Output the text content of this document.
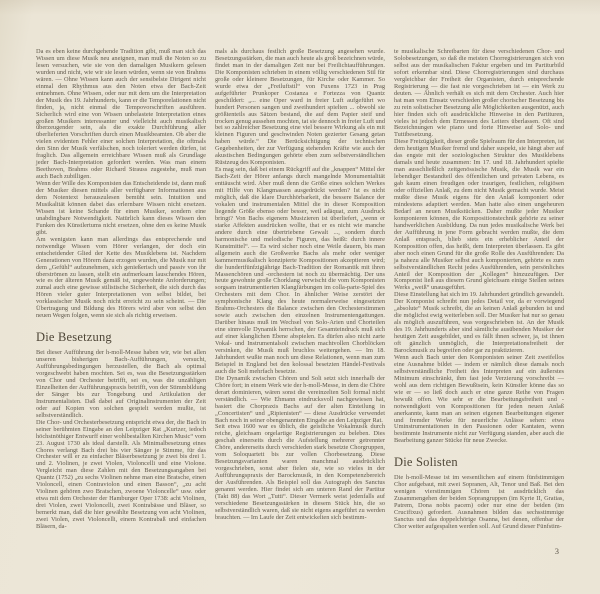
Da es eben keine durchgehende Tradition gibt, muß man sich das Wissen um diese Musik neu aneignen, man muß die Noten so zu lesen versuchen, wie sie von den damaligen Musikern gelesen wurden und nicht, wie wir sie lesen würden, wenn sie von Brahms wären. — Ohne Wissen kann auch der sensibelste Dirigent nicht einmal den Rhythmus aus den Noten etwa der Bach-Zeit entnehmen. Ohne Wissen, oder nur mit dem um die Interpretation der Musik des 19. Jahrhunderts, kann er die Temporelationen nicht finden, ja, nicht einmal die Tempovorschriften ausführen. Sicherlich wird eine von Wissen unbelastete Interpretation eines großen Musikers interessanter und vielleicht auch musikalisch überzeugender sein, als die exakte Durchführung aller überlieferten Vorschriften durch einen Musikbeamten. Ob aber die vielen evidenten Fehler einer solchen Interpretation, die oftmals den Sinn der Musik verfälschen, noch toleriert werden dürfen, ist fraglich. Das allgemein erreichbare Wissen muß als Grundlage jeder Bach-Interpretation gefordert werden. Was man einem Beethoven, Brahms oder Richard Strauss zugestehe, muß man auch Bach zubilligen.

Wenn der Wille des Komponisten das Entscheidende ist, dann muß der Musiker diesen mittels aller verfügbarer Informationen aus dem Notentext herauszulesen bemüht sein. Intuition und Musikalität können dabei das erlernbare Wissen nicht ersetzen. Wissen ist keine Schande für einen Musiker, sondern eine unabdingbare Notwendigkeit. Natürlich kann dieses Wissen den Funken des Künstlertums nicht ersetzen, ohne den es keine Musik gibt.

Am wenigsten kann man allerdings das entsprechende und notwendige Wissen vom Hörer verlangen, der doch ein entscheidender Glied der Kette des Musiklebens ist. Nachdem Generationen von Hörern dazu erzogen wurden, die Musik nur mit dem „Gefühl“ aufzunehmen, sich genießerisch und passiv von ihr überströmen zu lassen, stellt ein aufmerksam lauschendes Hören, wie es der älteren Musik gemäß ist, ungewohnte Anforderungen; zumal auch eine gewisse stilistische Sicherheit, die sich durch das Hören vieler guter Interpretationen von selbst bildet, bei vorklassischer Musik noch nicht erreicht zu sein scheint. — Die Übertragung und Bildung des Hörers wird aber von selbst den neuen Wegen folgen, wenn sie sich als richtig erweisen.

Die Besetzung

Bei dieser Aufführung der h-moll-Messe haben wir, wie bei allen unseren bisherigen Bach-Aufführungen, versucht, Aufführungsbedingungen herzustellen, die Bach als optimal vorgeschwebt haben mochten. Sei es, was die Besetzungsstärken von Chor und Orchester betrifft, sei es, was die unzähligen Einzelheiten der Aufführungspraxis betrifft, von der Stimmbildung der Sänger bis zur Tongebung und Artikulation der Instrumentalisten. Daß dabei auf Originalinstrumenten der Zeit oder auf Kopien von solchen gespielt werden mußte, ist selbstverständlich.

Die Chor- und Orchesterbesetzung entspricht etwa der, die Bach in seiner berühmten Eingabe an den Leipziger Rat „Kurtzer, iedoch höchstnöthiger Entwurff einer wohlbestallten Kirchen Music“ vom 23. August 1730 als ideal darstellt. Als Minimalbesetzung eines Chores verlangt Bach drei bis vier Sänger je Stimme, für das Orchester will er zu einfacher Bläserbesetzung je zwei bis drei 1. und 2. Violinen, je zwei Violen, Violoncelli und eine Violone. Vergleicht man diese Zahlen mit den Besetzungsangaben bei Quantz (1752) „zu sechs Violinen nehme man eine Bratsche, einen Violoncell, einen Contraviolon und einen Basson“, „zu acht Violinen gehören zwo Bratschen, zwoene Violoncelle“ usw. oder etwa mit dem Orchester der Hamburger Oper 1738: acht Violinen, drei Violen, zwei Violoncelli, zwei Kontrabässe und Bläser, so bemerkt man, daß die hier gewählte Besetzung von acht Violinen, zwei Violen, zwei Violoncelli, einem Kontrabaß und einfachen Bläsern, da-

mals als durchaus festlich große Besetzung angesehen wurde. Besetzungsstärken, die man auch heute als groß bezeichnen würde, findet man in der damaligen Zeit nur bei Freilichtaufführungen. Die Komponisten schrieben in einem völlig verschiedenen Stil für große oder kleinere Besetzungen, für Kirche oder Kammer. So wurde etwa der „Freiluftstil“ von Fuxens 1723 in Prag aufgeführter Prunkoper Costanza e Fortezza von Quantz geschildert: „... eine Oper ward in freier Luft aufgeführt wo hundert Personen sangen und zweihundert spielten ... obwohl sie größtenteils aus Sätzen bestand, die auf dem Papier steif und trocken genug aussehen mochten, tat sie dennoch in freier Luft und bei so zahlreicher Besetzung eine viel bessere Wirkung als ein mit kleinen Figuren und geschwinden Noten gezierter Gesang getan haben würde.“ Die Berücksichtigung der technischen Gegebenheiten, der zur Verfügung stehenden Kräfte wie auch der akustischen Bedingungen gehörte eben zum selbstverständlichen Rüstzeug des Komponisten.

Es mag sein, daß bei einem Rückgriff auf die „knappen“ Mittel der Bach-Zeit der Hörer anfangs durch mangelnde Monumentalität enttäuscht wird. Aber muß denn die Größe eines solchen Werkes mit Hilfe von Klangmassen ausgedrückt werden? Ist es nicht möglich, daß die klare Durchhörbarkeit, die bessere Balance der vokalen und instrumentalen Mittel die in dieser Komposition liegende Größe ebenso oder besser, weil adäquat, zum Ausdruck bringt? Von Bachs eigenem Musizieren ist überliefert, „wenn er starke Affekten ausdrücken wollte, that er es nicht wie manche andere durch eine übertriebene Gewalt ..., sondern durch harmonische und melodische Figuren, das heißt: durch innere Kunstmittel“. — Es wird sicher noch eine Weile dauern, bis man allgemein auch die Großwerke Bachs als mehr oder weniger kammermusikalisch konzipierte Kompositionen akzeptieren wird; die hundertfünfzigjährige Bach-Tradition der Romantik mit ihren Massenchören und -orchestern ist noch zu übermächtig. Der uns heute gewohnte große Chorklang verwischt die vom Komponisten sorgsam instrumentierten Klangfärbungen im colla-parte-Spiel des Orchesters mit dem Chor. In ähnlicher Weise zerstört der symphonische Klang des heute normalerweise eingesetzten Brahms-Orchesters die Balance zwischen den Orchesterstimmen sowie auch zwischen den einzelnen Instrumentengattungen. Darüber hinaus muß im Wechsel von Solo-Arien und Chorteilen eine sinnvolle Dynamik herrschen, der Gesamteindruck muß sich auf einer klanglichen Ebene abspielen. Es dürfen also nicht zarte Vokal- und Instrumentalsoli zwischen machtvollen Chorblöcken versinken, die Musik muß bruchlos weitergehen. — Im 18. Jahrhundert wußte man noch um diese Relationen, wenn man zum Beispiel in England bei den kolossal besetzten Händel-Festivals auch die Soli mehrfach besetzte.

Die Dynamik zwischen Chören und Soli setzt sich innerhalb der Chöre fort; in einem Werk wie der h-moll-Messe, in dem die Chöre derart dominieren, wären sonst die vereinzelten Soli formal nicht verständlich. — Wie Ehmann eindrucksvoll nachgewiesen hat, basiert die Chorpraxis Bachs auf der alten Einteilung in „Concertisten“ und „Ripienisten“ — diese Ausdrücke verwendet Bach noch in seiner obengenannten Eingabe an den Leipziger Rat.

Seit etwa 1600 war es üblich, die geistliche Vokalmusik durch reiche, gleichsam orgelartige Registrierungen zu beleben. Dies geschah einerseits durch die Aufstellung mehrerer getrennter Chöre, andererseits durch verschieden stark besetzte Chorgruppen, vom Soloquartett bis zur vollen Chorbesetzung. Diese Besetzungsvarianten waren manchmal ausdrücklich vorgeschrieben, sonst aber fielen sie, wie so vieles in der Aufführungspraxis der Barockmusik, in den Kompetenzbereich der Ausführenden. Als Beispiel soll das Autograph des Sanctus genannt werden. Hier findet sich am unteren Rand der Partitur (Takt 88) das Wort „Tutti“. Dieser Vermerk weist jedenfalls auf verschiedene Besetzungsstärken in diesem Stück hin, die so selbstverständlich waren, daß sie nicht eigens angeführt zu werden brauchten. — Im Laufe der Zeit entwickelten sich bestimm-

te musikalische Schreibarten für diese verschiedenen Chor- und Solobesetzungen, so daß die meisten Chorregistrierungen sich von selbst aus der musikalischen Faktur ergeben und im Partiturbild sofort erkennbar sind. Diese Chorregistrierungen sind durchaus vergleichbar der Freiheit der Organisten, durch entsprechende Registrierung — die fast nie vorgeschrieben ist — ein Werk zu deuten. — Ähnlich verhält es sich mit dem Orchester. Auch hier hat man vom Einsatz verschieden großer chorischer Besetzung bis zu rein solistischer Besetzung alle Möglichkeiten ausgenützt, auch hier finden sich oft ausdrückliche Hinweise in den Partituren, vieles ist jedoch dem Ermessen des Leiters überlassen. Oft sind Bezeichnungen wie piano und forte Hinweise auf Solo- und Tuttibesetzung.

Diese Freizügigkeit, dieser große Spielraum für den Interpreten, ist dem heutigen Musiker fremd und daher suspekt, sie hängt aber auf das engste mit der soziologischen Struktur des Musiklebens damals und heute zusammen: Im 17. und 18. Jahrhundert spielte man ausschließlich zeitgenössische Musik, die Musik war ein lebendiger Bestandteil des öffentlichen und privaten Lebens, es gab kaum einen freudigen oder traurigen, festlichen, religiösen oder offiziellen Anlaß, zu dem nicht Musik gemacht wurde. Meist mußte diese Musik eigens für den Anlaß komponiert oder mindestens adaptiert werden. Man hatte also einen ungeheuren Bedarf an neuen Musikstücken. Daher mußte jeder Musiker komponieren können, die Kompositionstechnik gehörte zu seiner handwerklichen Ausbildung. Da nun jedes musikalische Werk bei der Aufführung in jene Form gebracht werden mußte, die dem Anlaß entsprach, blieb stets ein erheblicher Anteil der Komposition offen, das heißt, dem Interpreten überlassen. Es gibt aber noch einen Grund für die große Rolle des Ausführenden: Da ja nahezu alle Musiker selbst auch komponierten, gehörte es zum selbstverständlichen Recht jedes Ausführenden, sein persönliches Anteil der Komposition der „Kollegen“ hinzuzufügen. Der Komponist ließ aus diesem Grund gleichsam einige Stellen seines Werks „weiß“ unausgeführt.

Diese Einstellung hat sich im 19. Jahrhundert gründlich gewandelt. Der Komponist schreibt nun jedes Detail vor, da er vorwiegend „absolute“ Musik schreibt, die an keinen Anlaß gebunden ist und die möglichst ewig weiterleben soll. Der Musiker hat nur so genau als möglich auszuführen, was vorgeschrieben ist. An der Musik des 19. Jahrhunderts aber sind sämtliche ausübenden Musiker der heutigen Zeit ausgebildet, und es fällt ihnen schwer, ja, ist ihnen oft gänzlich unmöglich, die Interpretationsfreiheit der Barockmusik zu begreifen oder gar zu praktizieren.

Wenn auch Bach unter den Komponisten seiner Zeit zweifellos eine Ausnahme bildet — indem er nämlich diese damals noch selbstverständliche Freiheit des Interpreten auf ein äußerstes Minimum einschränkt, ihm fast jede Verzierung vorschreibt — wohl aus dem richtigen Bewußtsein, kein Künstler könne das so wie er — so ließ doch auch er eine ganze Reihe von Fragen bewußt offen. Wie sehr er die Bearbeitungsfreiheit und -notwendigkeit von Kompositionen für jeden neuen Anlaß anerkannte, kann man an seinen eigenen Bearbeitungen eigener und fremder Werke für neuerliche Anlässe sehen: etwa Uminstrumentationen in den Passionen oder Kantaten, wenn bestimmte Instrumente nicht zur Verfügung standen, aber auch die Bearbeitung ganzer Stücke für neue Zwecke.

Die Solisten

Die h-moll-Messe ist im wesentlichen auf einem fünfstimmigen Chor aufgebaut, mit zwei Sopranen, Alt, Tenor und Baß. Bei den wenigen vierstimmigen Chören ist ausdrücklich das Zusammengehen der beiden Soprangruppen (im Kyrie II, Gratias, Patrem, Dona nobis pacem) oder nur eine der beiden (im Crucifixus) gefordert. Ausnahmen bilden das sechsstimmige Sanctus und das doppelchörige Osanna, bei denen, offenbar der Chor weiter aufgespalten werden soll. Auf Grund dieser Fünfstim-

3
